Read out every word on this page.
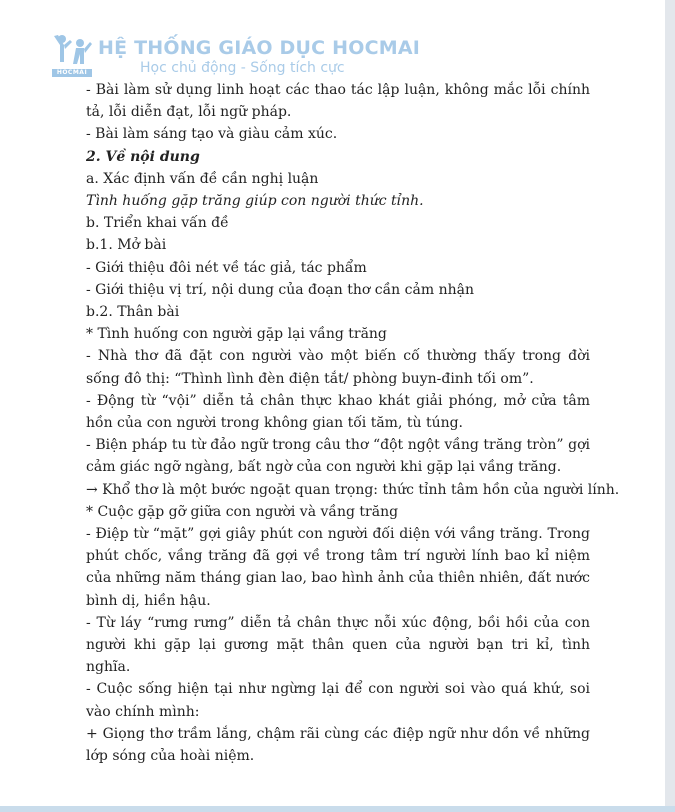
HOCMAI
HỆ THỐNG GIÁO DỤC HOCMAI
Học chủ động - Sống tích cực
- Bài làm sử dụng linh hoạt các thao tác lập luận, không mắc lỗi chính tả, lỗi diễn đạt, lỗi ngữ pháp.
- Bài làm sáng tạo và giàu cảm xúc.
2. Về nội dung
a. Xác định vấn đề cần nghị luận
Tình huống gặp trăng giúp con người thức tỉnh.
b. Triển khai vấn đề
b.1. Mở bài
- Giới thiệu đôi nét về tác giả, tác phẩm
- Giới thiệu vị trí, nội dung của đoạn thơ cần cảm nhận
b.2. Thân bài
* Tình huống con người gặp lại vầng trăng
- Nhà thơ đã đặt con người vào một biến cố thường thấy trong đời sống đô thị: “Thình lình đèn điện tắt/ phòng buyn-đinh tối om”.
- Động từ “vội” diễn tả chân thực khao khát giải phóng, mở cửa tâm hồn của con người trong không gian tối tăm, tù túng.
- Biện pháp tu từ đảo ngữ trong câu thơ “đột ngột vầng trăng tròn” gợi cảm giác ngỡ ngàng, bất ngờ của con người khi gặp lại vầng trăng.
→ Khổ thơ là một bước ngoặt quan trọng: thức tỉnh tâm hồn của người lính.
* Cuộc gặp gỡ giữa con người và vầng trăng
- Điệp từ “mặt” gợi giây phút con người đối diện với vầng trăng. Trong phút chốc, vầng trăng đã gợi về trong tâm trí người lính bao kỉ niệm của những năm tháng gian lao, bao hình ảnh của thiên nhiên, đất nước bình dị, hiền hậu.
- Từ láy “rưng rưng” diễn tả chân thực nỗi xúc động, bồi hồi của con người khi gặp lại gương mặt thân quen của người bạn tri kỉ, tình nghĩa.
- Cuộc sống hiện tại như ngừng lại để con người soi vào quá khứ, soi vào chính mình:
+ Giọng thơ trầm lắng, chậm rãi cùng các điệp ngữ như dồn về những lớp sóng của hoài niệm.
